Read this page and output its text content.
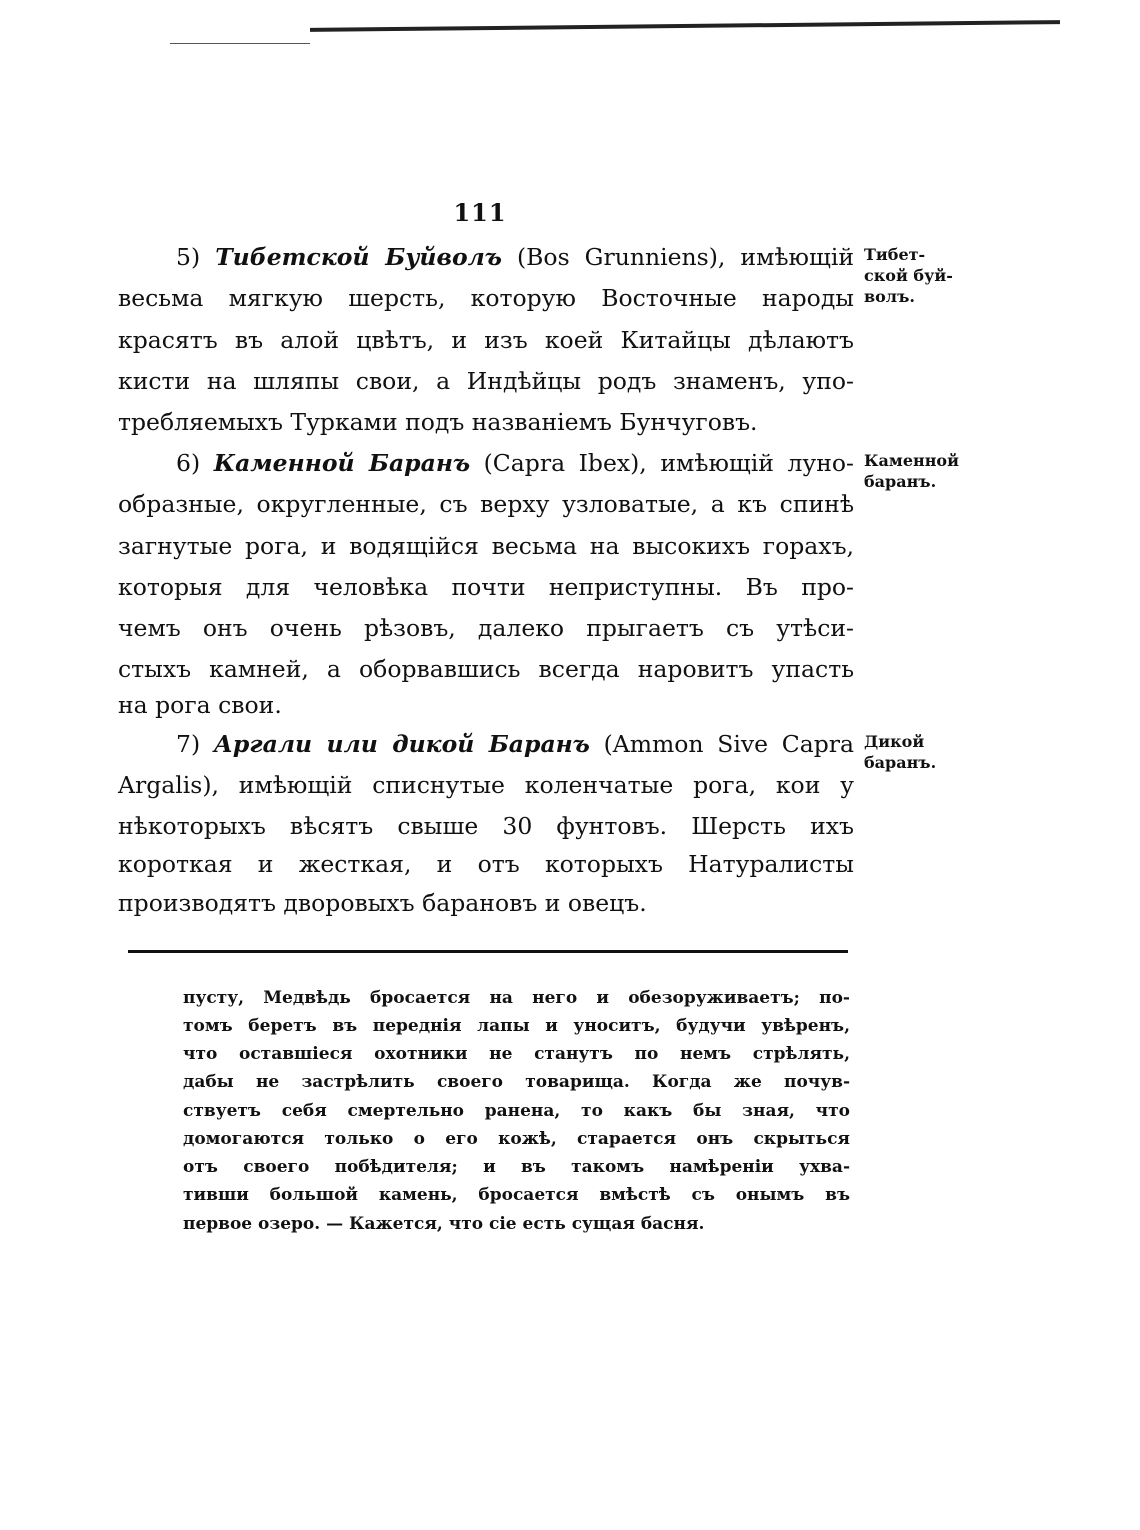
111
5) Тибетской Буйволъ (Bos Grunniens), имѣющій
весьма мягкую шерсть, которую Восточные народы
красятъ въ алой цвѣтъ, и изъ коей Китайцы дѣлаютъ
кисти на шляпы свои, а Индѣйцы родъ знаменъ, упо-
требляемыхъ Турками подъ названіемъ Бунчуговъ.
Тибет-
ской буй-
волъ.
6) Каменной Баранъ (Capra Ibex), имѣющій луно-
образные, округленные, съ верху узловатые, а къ спинѣ
загнутые рога, и водящійся весьма на высокихъ горахъ,
которыя для человѣка почти неприступны. Въ про-
чемъ онъ очень рѣзовъ, далеко прыгаетъ съ утѣси-
стыхъ камней, а оборвавшись всегда наровитъ упасть
на рога свои.
Каменной
баранъ.
7) Аргали или дикой Баранъ (Ammon Sive Capra
Argalis), имѣющій списнутые коленчатые рога, кои у
нѣкоторыхъ вѣсятъ свыше 30 фунтовъ. Шерсть ихъ
короткая и жесткая, и отъ которыхъ Натуралисты
производятъ дворовыхъ барановъ и овецъ.
Дикой
баранъ.
пусту, Медвѣдь бросается на него и обезоруживаетъ; по-
томъ беретъ въ переднія лапы и уноситъ, будучи увѣренъ,
что оставшіеся охотники не станутъ по немъ стрѣлять,
дабы не застрѣлить своего товарища. Когда же почув-
ствуетъ себя смертельно ранена, то какъ бы зная, что
домогаются только о его кожѣ, старается онъ скрыться
отъ своего побѣдителя; и въ такомъ намѣреніи ухва-
тивши большой камень, бросается вмѣстѣ съ онымъ въ
первое озеро. — Кажется, что сіе есть сущая басня.
